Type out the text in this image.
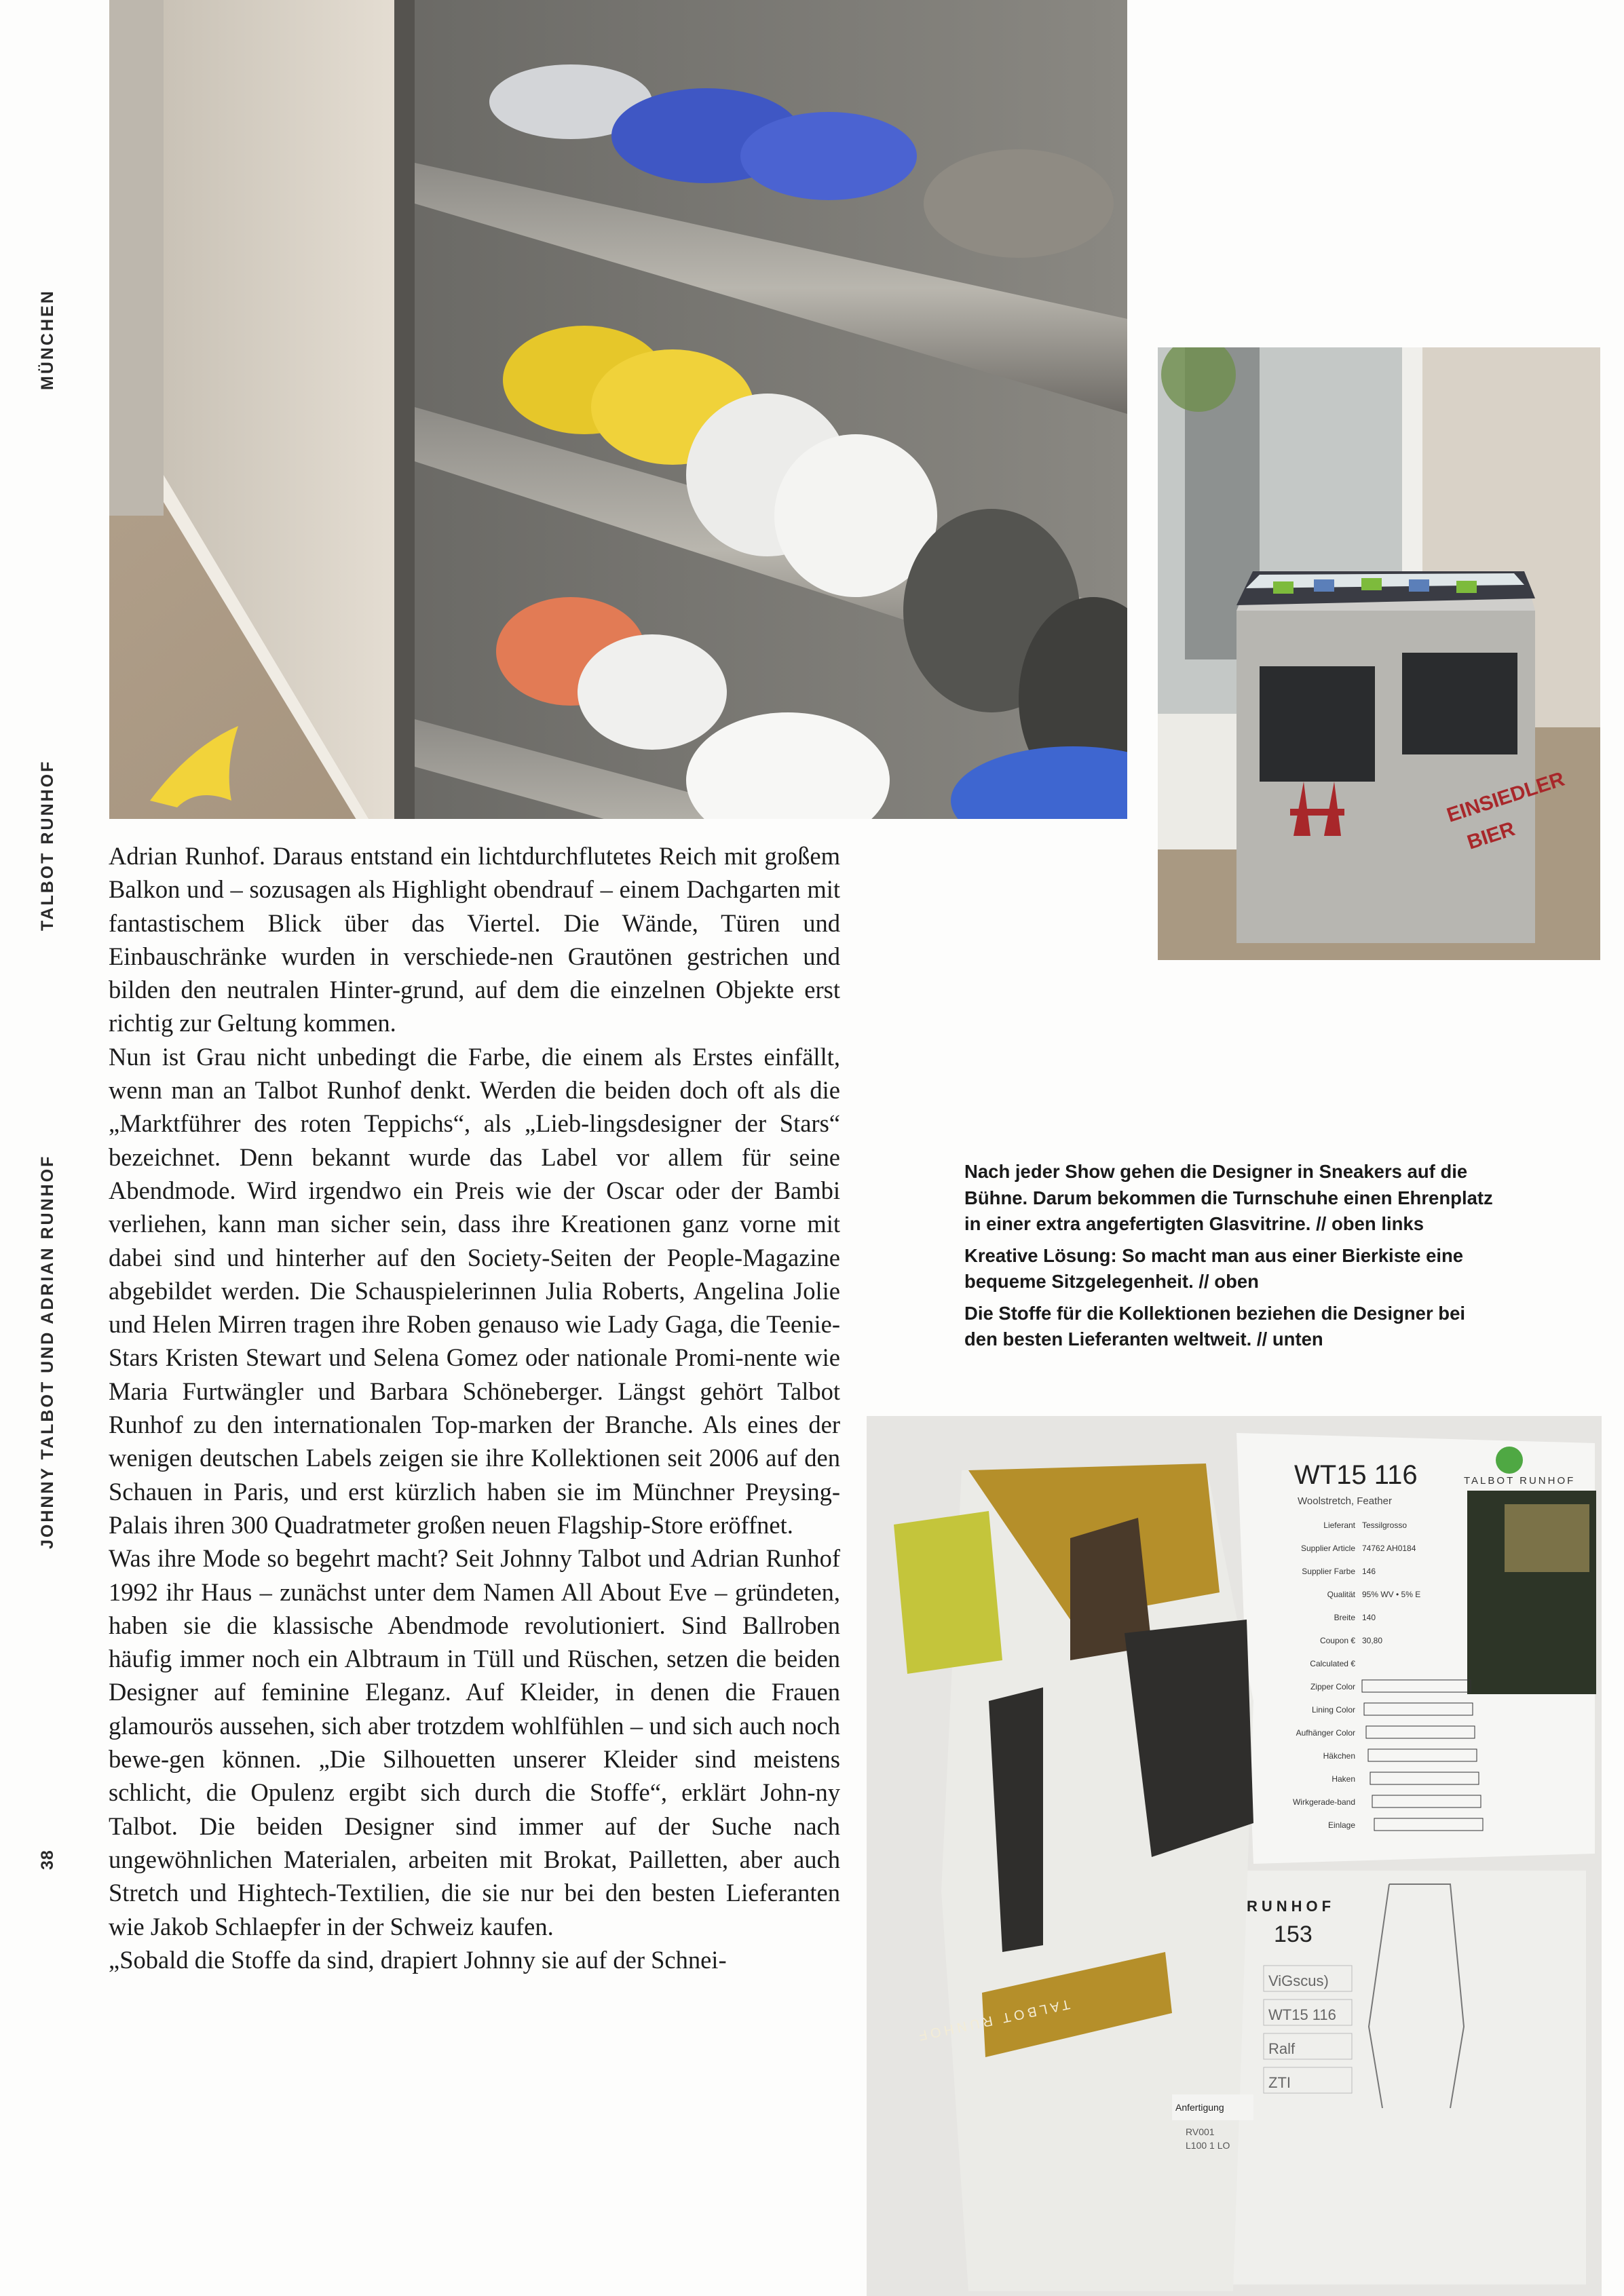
MÜNCHEN
TALBOT RUNHOF
JOHNNY TALBOT UND ADRIAN RUNHOF
38
EINSIEDLER
BIER

Adrian Runhof. Daraus entstand ein lichtdurchflutetes Reich mit großem Balkon und – sozusagen als Highlight obendrauf – einem Dachgarten mit fantastischem Blick über das Viertel. Die Wände, Türen und Einbauschränke wurden in verschiede-nen Grautönen gestrichen und bilden den neutralen Hinter-grund, auf dem die einzelnen Objekte erst richtig zur Geltung kommen.

Nun ist Grau nicht unbedingt die Farbe, die einem als Erstes einfällt, wenn man an Talbot Runhof denkt. Werden die beiden doch oft als die „Marktführer des roten Teppichs“, als „Lieb-lingsdesigner der Stars“ bezeichnet. Denn bekannt wurde das Label vor allem für seine Abendmode. Wird irgendwo ein Preis wie der Oscar oder der Bambi verliehen, kann man sicher sein, dass ihre Kreationen ganz vorne mit dabei sind und hinterher auf den Society-Seiten der People-Magazine abgebildet werden. Die Schauspielerinnen Julia Roberts, Angelina Jolie und Helen Mirren tragen ihre Roben genauso wie Lady Gaga, die Teenie-Stars Kristen Stewart und Selena Gomez oder nationale Promi-nente wie Maria Furtwängler und Barbara Schöneberger. Längst gehört Talbot Runhof zu den internationalen Top-marken der Branche. Als eines der wenigen deutschen Labels zeigen sie ihre Kollektionen seit 2006 auf den Schauen in Paris, und erst kürzlich haben sie im Münchner Preysing-Palais ihren 300 Quadratmeter großen neuen Flagship-Store eröffnet.

Was ihre Mode so begehrt macht? Seit Johnny Talbot und Adrian Runhof 1992 ihr Haus – zunächst unter dem Namen All About Eve – gründeten, haben sie die klassische Abendmode revolutioniert. Sind Ballroben häufig immer noch ein Albtraum in Tüll und Rüschen, setzen die beiden Designer auf feminine Eleganz. Auf Kleider, in denen die Frauen glamourös aussehen, sich aber trotzdem wohlfühlen – und sich auch noch bewe-gen können. „Die Silhouetten unserer Kleider sind meistens schlicht, die Opulenz ergibt sich durch die Stoffe“, erklärt John-ny Talbot. Die beiden Designer sind immer auf der Suche nach ungewöhnlichen Materialen, arbeiten mit Brokat, Pailletten, aber auch Stretch und Hightech-Textilien, die sie nur bei den besten Lieferanten wie Jakob Schlaepfer in der Schweiz kaufen.

„Sobald die Stoffe da sind, drapiert Johnny sie auf der Schnei-

Nach jeder Show gehen die Designer in Sneakers auf die Bühne. Darum bekommen die Turnschuhe einen Ehrenplatz in einer extra angefertigten Glasvitrine. // oben links

Kreative Lösung: So macht man aus einer Bierkiste eine bequeme Sitzgelegenheit. // oben

Die Stoffe für die Kollektionen beziehen die Designer bei den besten Lieferanten weltweit. // unten

WT15 116
Woolstretch, Feather
TALBOT RUNHOF
Lieferant Tessilgrosso
Supplier Article 74762 AH0184
Supplier Farbe 146
Qualität 95% WV • 5% E
Breite 140
Coupon € 30,80
Calculated €
Zipper Color
Lining Color
Aufhänger Color
Häkchen
Haken
Wirkgerade-band
Einlage
RUNHOF
153
ViGscus)
WT15 116
Ralf
ZTI
TALBOT RUNHOF
Anfertigung
RV001
L100 1 LO
